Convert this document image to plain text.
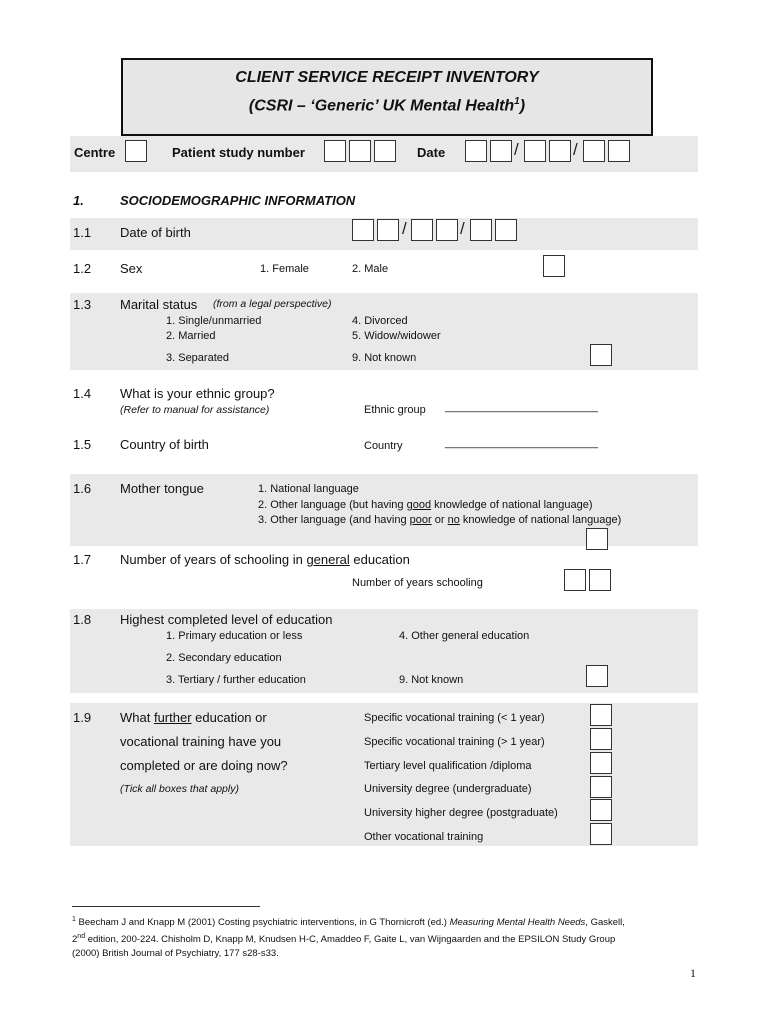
CLIENT SERVICE RECEIPT INVENTORY
(CSRI – ‘Generic’ UK Mental Health$^1$)
Centre	Patient study number	Date	/	/
1.	SOCIODEMOGRAPHIC INFORMATION
1.1 Date of birth	/	/
1.2 Sex	1. Female	2. Male
1.3 Marital status (from a legal perspective)
1. Single/unmarried
2. Married
3. Separated
4. Divorced
5. Widow/widower
9. Not known
1.4 What is your ethnic group?
(Refer to manual for assistance)	Ethnic group _________________________
1.5 Country of birth	Country	_________________________
1.6 Mother tongue	1. National language
2. Other language (but having good knowledge of national language)
3. Other language (and having poor or no knowledge of national language)
1.7 Number of years of schooling in general education
Number of years schooling
1.8 Highest completed level of education
1. Primary education or less
2. Secondary education
3. Tertiary / further education
4. Other general education
9. Not known
1.9 What further education or
vocational training have you
completed or are doing now?
(Tick all boxes that apply)
Specific vocational training (< 1 year)
Specific vocational training (> 1 year)
Tertiary level qualification /diploma
University degree (undergraduate)
University higher degree (postgraduate)
Other vocational training
$^1$ Beecham J and Knapp M (2001) Costing psychiatric interventions, in G Thornicroft (ed.) Measuring Mental Health Needs, Gaskell,
2nd edition, 200-224. Chisholm D, Knapp M, Knudsen H-C, Amaddeo F, Gaite L, van Wijngaarden and the EPSILON Study Group
(2000) British Journal of Psychiatry, 177 s28-s33.
1
